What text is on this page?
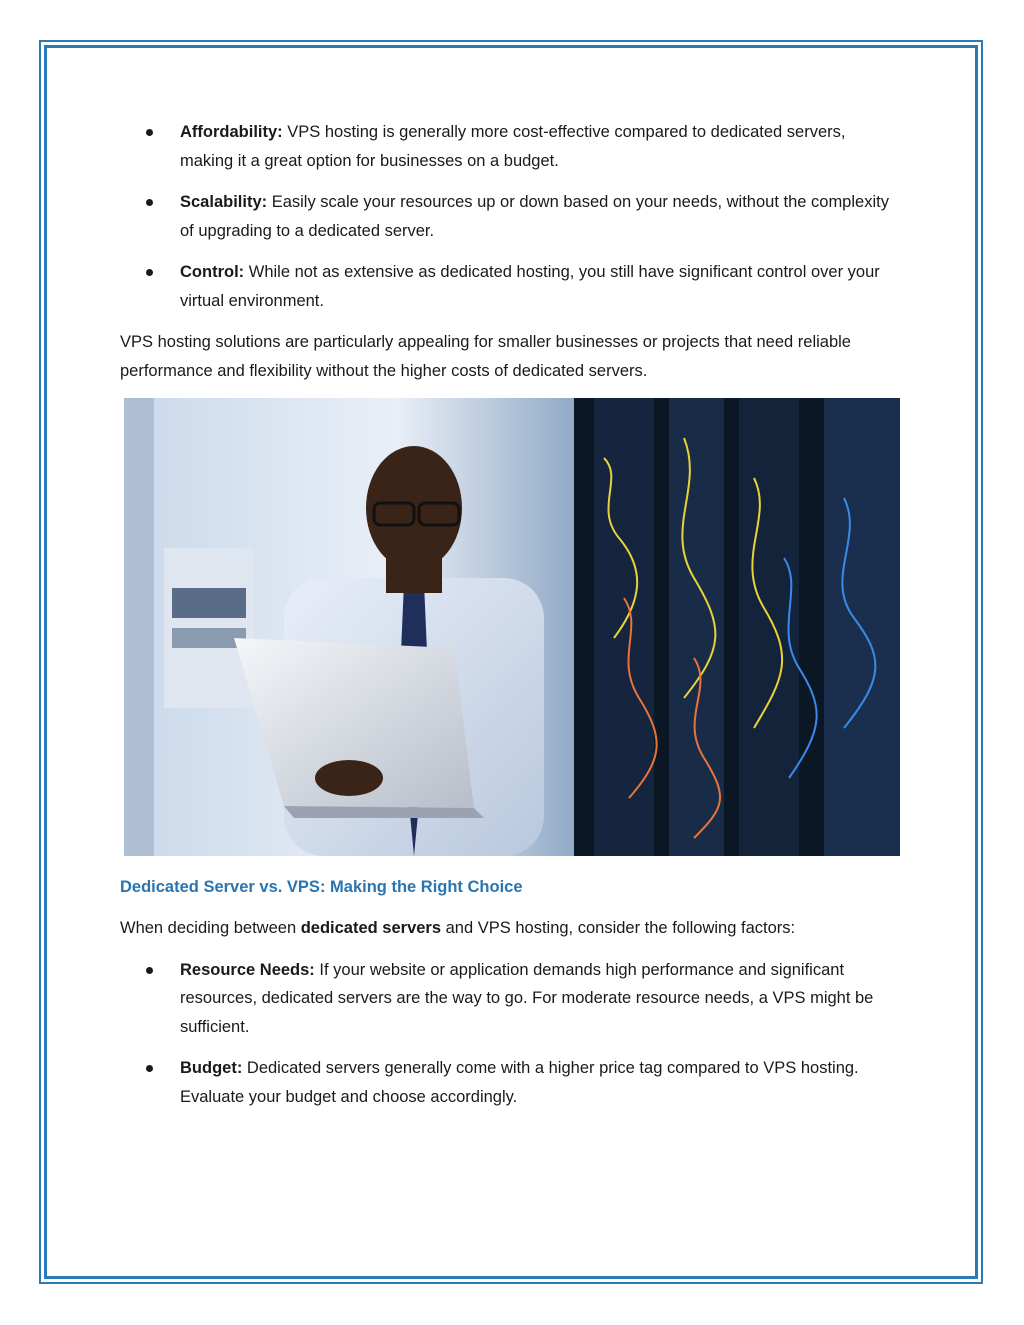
Affordability: VPS hosting is generally more cost-effective compared to dedicated servers, making it a great option for businesses on a budget.
Scalability: Easily scale your resources up or down based on your needs, without the complexity of upgrading to a dedicated server.
Control: While not as extensive as dedicated hosting, you still have significant control over your virtual environment.

VPS hosting solutions are particularly appealing for smaller businesses or projects that need reliable performance and flexibility without the higher costs of dedicated servers.

Dedicated Server vs. VPS: Making the Right Choice

When deciding between dedicated servers and VPS hosting, consider the following factors:

Resource Needs: If your website or application demands high performance and significant resources, dedicated servers are the way to go. For moderate resource needs, a VPS might be sufficient.
Budget: Dedicated servers generally come with a higher price tag compared to VPS hosting. Evaluate your budget and choose accordingly.
